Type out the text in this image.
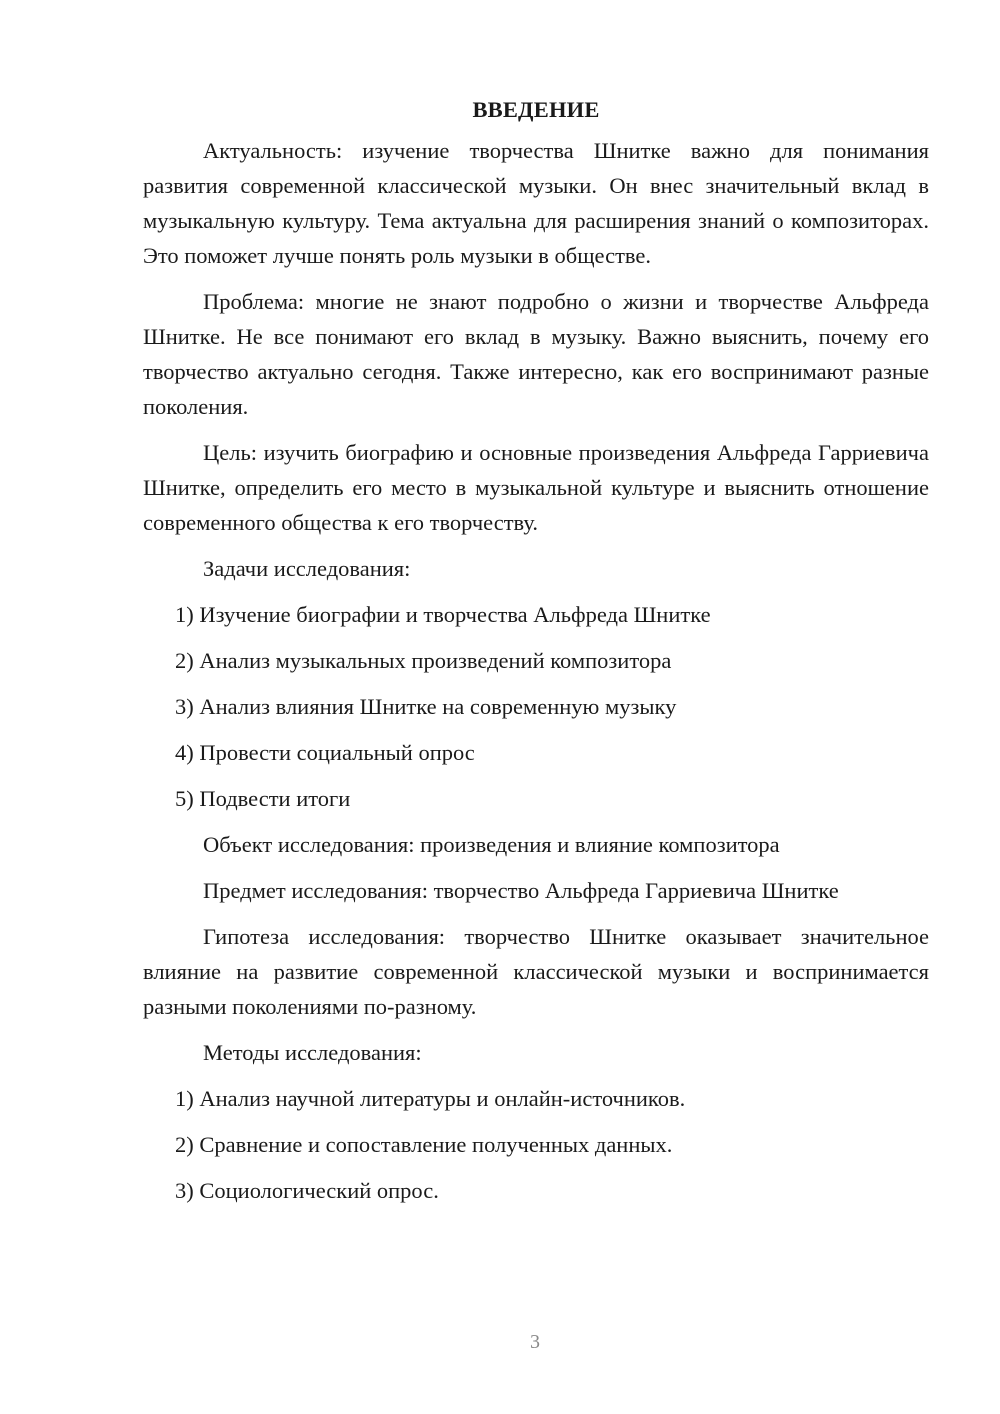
ВВЕДЕНИЕ

Актуальность: изучение творчества Шнитке важно для понимания развития современной классической музыки. Он внес значительный вклад в музыкальную культуру. Тема актуальна для расширения знаний о композиторах. Это поможет лучше понять роль музыки в обществе.

Проблема: многие не знают подробно о жизни и творчестве Альфреда Шнитке. Не все понимают его вклад в музыку. Важно выяснить, почему его творчество актуально сегодня. Также интересно, как его воспринимают разные поколения.

Цель: изучить биографию и основные произведения Альфреда Гарриевича Шнитке, определить его место в музыкальной культуре и выяснить отношение современного общества к его творчеству.

Задачи исследования:
1) Изучение биографии и творчества Альфреда Шнитке
2) Анализ музыкальных произведений композитора
3) Анализ влияния Шнитке на современную музыку
4) Провести социальный опрос
5) Подвести итоги
Объект исследования: произведения и влияние композитора
Предмет исследования: творчество Альфреда Гарриевича Шнитке

Гипотеза исследования: творчество Шнитке оказывает значительное влияние на развитие современной классической музыки и воспринимается разными поколениями по-разному.

Методы исследования:
1) Анализ научной литературы и онлайн-источников.
2) Сравнение и сопоставление полученных данных.
3) Социологический опрос.
3
